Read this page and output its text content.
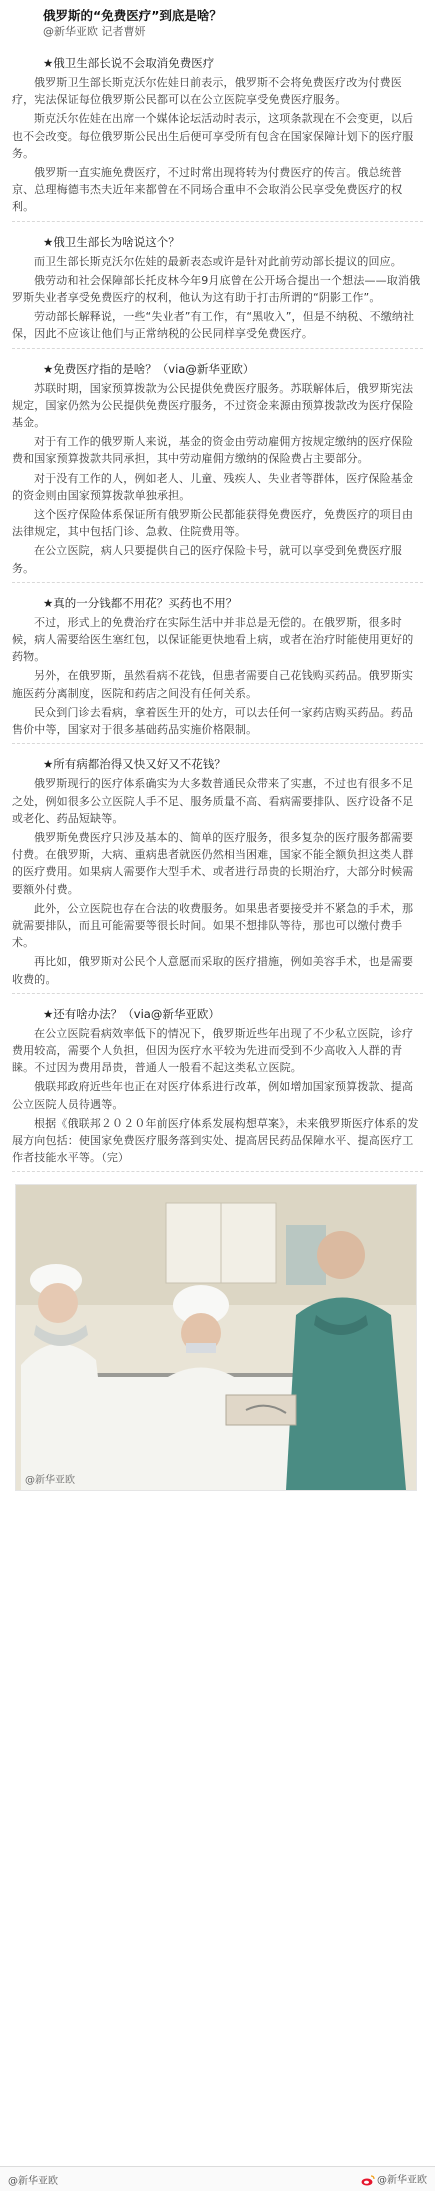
俄罗斯的“免费医疗”到底是啥？
@新华亚欧 记者曹妍
★俄卫生部长说不会取消免费医疗
俄罗斯卫生部长斯克沃尔佐娃日前表示，俄罗斯不会将免费医疗改为付费医疗，宪法保证每位俄罗斯公民都可以在公立医院享受免费医疗服务。
斯克沃尔佐娃在出席一个媒体论坛活动时表示，这项条款现在不会变更，以后也不会改变。每位俄罗斯公民出生后便可享受所有包含在国家保障计划下的医疗服务。
俄罗斯一直实施免费医疗，不过时常出现将转为付费医疗的传言。俄总统普京、总理梅德韦杰夫近年来都曾在不同场合重申不会取消公民享受免费医疗的权利。
★俄卫生部长为啥说这个？
而卫生部长斯克沃尔佐娃的最新表态或许是针对此前劳动部长提议的回应。
俄劳动和社会保障部长托皮林今年9月底曾在公开场合提出一个想法——取消俄罗斯失业者享受免费医疗的权利，他认为这有助于打击所谓的“阴影工作”。
劳动部长解释说，一些“失业者”有工作，有“黑收入”，但是不纳税、不缴纳社保，因此不应该让他们与正常纳税的公民同样享受免费医疗。
★免费医疗指的是啥？（via@新华亚欧）
苏联时期，国家预算拨款为公民提供免费医疗服务。苏联解体后，俄罗斯宪法规定，国家仍然为公民提供免费医疗服务，不过资金来源由预算拨款改为医疗保险基金。
对于有工作的俄罗斯人来说，基金的资金由劳动雇佣方按规定缴纳的医疗保险费和国家预算拨款共同承担，其中劳动雇佣方缴纳的保险费占主要部分。
对于没有工作的人，例如老人、儿童、残疾人、失业者等群体，医疗保险基金的资金则由国家预算拨款单独承担。
这个医疗保险体系保证所有俄罗斯公民都能获得免费医疗，免费医疗的项目由法律规定，其中包括门诊、急救、住院费用等。
在公立医院，病人只要提供自己的医疗保险卡号，就可以享受到免费医疗服务。
★真的一分钱都不用花？买药也不用？
不过，形式上的免费治疗在实际生活中并非总是无偿的。在俄罗斯，很多时候，病人需要给医生塞红包，以保证能更快地看上病，或者在治疗时能使用更好的药物。
另外，在俄罗斯，虽然看病不花钱，但患者需要自己花钱购买药品。俄罗斯实施医药分离制度，医院和药店之间没有任何关系。
民众到门诊去看病，拿着医生开的处方，可以去任何一家药店购买药品。药品售价中等，国家对于很多基础药品实施价格限制。
★所有病都治得又快又好又不花钱？
俄罗斯现行的医疗体系确实为大多数普通民众带来了实惠，不过也有很多不足之处，例如很多公立医院人手不足、服务质量不高、看病需要排队、医疗设备不足或老化、药品短缺等。
俄罗斯免费医疗只涉及基本的、简单的医疗服务，很多复杂的医疗服务都需要付费。在俄罗斯，大病、重病患者就医仍然相当困难，国家不能全额负担这类人群的医疗费用。如果病人需要作大型手术、或者进行昂贵的长期治疗，大部分时候需要额外付费。
此外，公立医院也存在合法的收费服务。如果患者要接受并不紧急的手术，那就需要排队，而且可能需要等很长时间。如果不想排队等待，那也可以缴付费手术。
再比如，俄罗斯对公民个人意愿而采取的医疗措施，例如美容手术，也是需要收费的。
★还有啥办法？（via@新华亚欧）
在公立医院看病效率低下的情况下，俄罗斯近些年出现了不少私立医院，诊疗费用较高，需要个人负担，但因为医疗水平较为先进而受到不少高收入人群的青睐。不过因为费用昂贵，普通人一般看不起这类私立医院。
俄联邦政府近些年也正在对医疗体系进行改革，例如增加国家预算拨款、提高公立医院人员待遇等。
根据《俄联邦２０２０年前医疗体系发展构想草案》，未来俄罗斯医疗体系的发展方向包括：使国家免费医疗服务落到实处、提高居民药品保障水平、提高医疗工作者技能水平等。（完）
@新华亚欧
@新华亚欧	@新华亚欧
